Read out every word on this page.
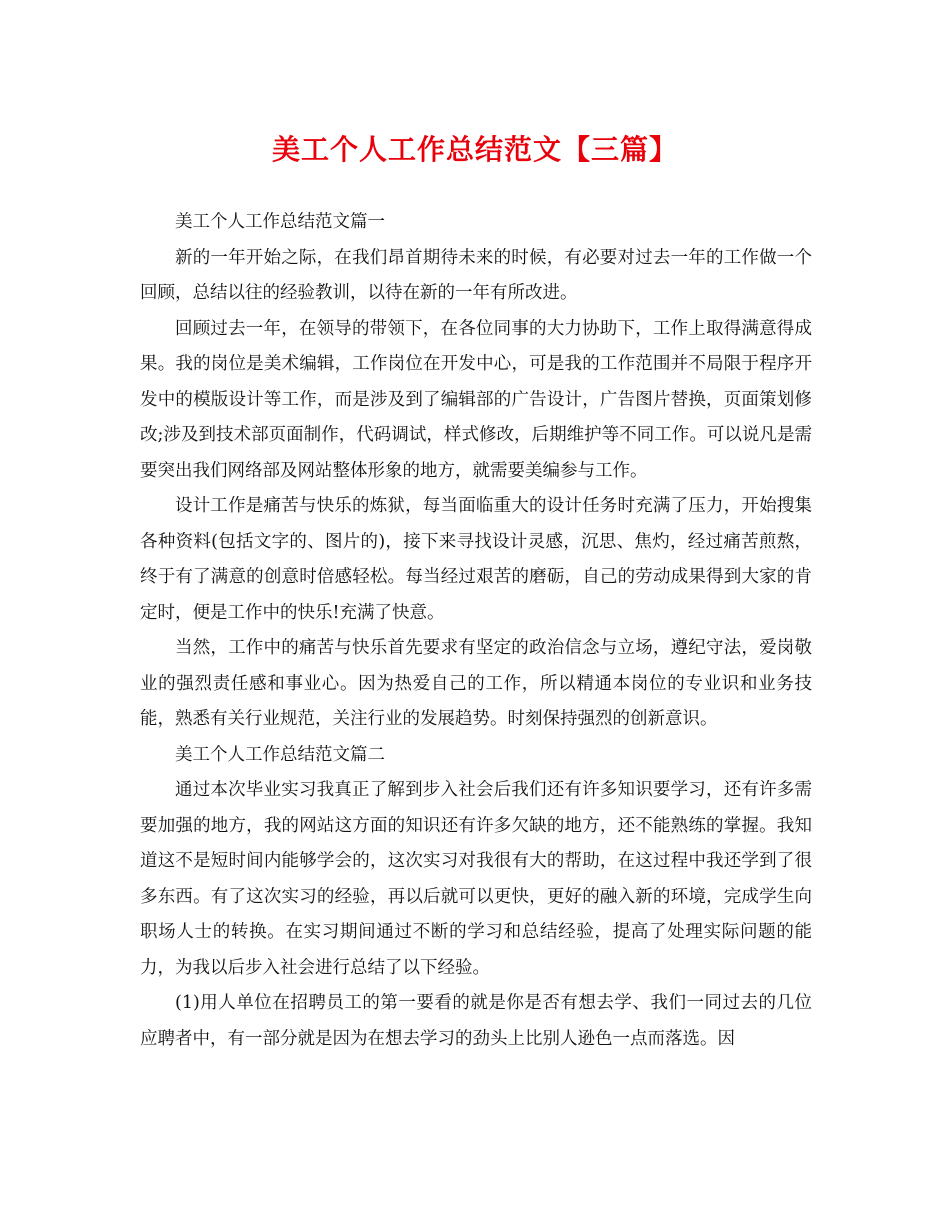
美工个人工作总结范文【三篇】

美工个人工作总结范文篇一

新的一年开始之际，在我们昂首期待未来的时候，有必要对过去一年的工作做一个回顾，总结以往的经验教训，以待在新的一年有所改进。

回顾过去一年，在领导的带领下，在各位同事的大力协助下，工作上取得满意得成果。我的岗位是美术编辑，工作岗位在开发中心，可是我的工作范围并不局限于程序开发中的模版设计等工作，而是涉及到了编辑部的广告设计，广告图片替换，页面策划修改;涉及到技术部页面制作，代码调试，样式修改，后期维护等不同工作。可以说凡是需要突出我们网络部及网站整体形象的地方，就需要美编参与工作。

设计工作是痛苦与快乐的炼狱，每当面临重大的设计任务时充满了压力，开始搜集各种资料(包括文字的、图片的)，接下来寻找设计灵感，沉思、焦灼，经过痛苦煎熬，终于有了满意的创意时倍感轻松。每当经过艰苦的磨砺，自己的劳动成果得到大家的肯定时，便是工作中的快乐!充满了快意。

当然，工作中的痛苦与快乐首先要求有坚定的政治信念与立场，遵纪守法，爱岗敬业的强烈责任感和事业心。因为热爱自己的工作，所以精通本岗位的专业识和业务技能，熟悉有关行业规范，关注行业的发展趋势。时刻保持强烈的创新意识。

美工个人工作总结范文篇二

通过本次毕业实习我真正了解到步入社会后我们还有许多知识要学习，还有许多需要加强的地方，我的网站这方面的知识还有许多欠缺的地方，还不能熟练的掌握。我知道这不是短时间内能够学会的，这次实习对我很有大的帮助，在这过程中我还学到了很多东西。有了这次实习的经验，再以后就可以更快，更好的融入新的环境，完成学生向职场人士的转换。在实习期间通过不断的学习和总结经验，提高了处理实际问题的能力，为我以后步入社会进行总结了以下经验。

(1)用人单位在招聘员工的第一要看的就是你是否有想去学、我们一同过去的几位应聘者中，有一部分就是因为在想去学习的劲头上比别人逊色一点而落选。因
